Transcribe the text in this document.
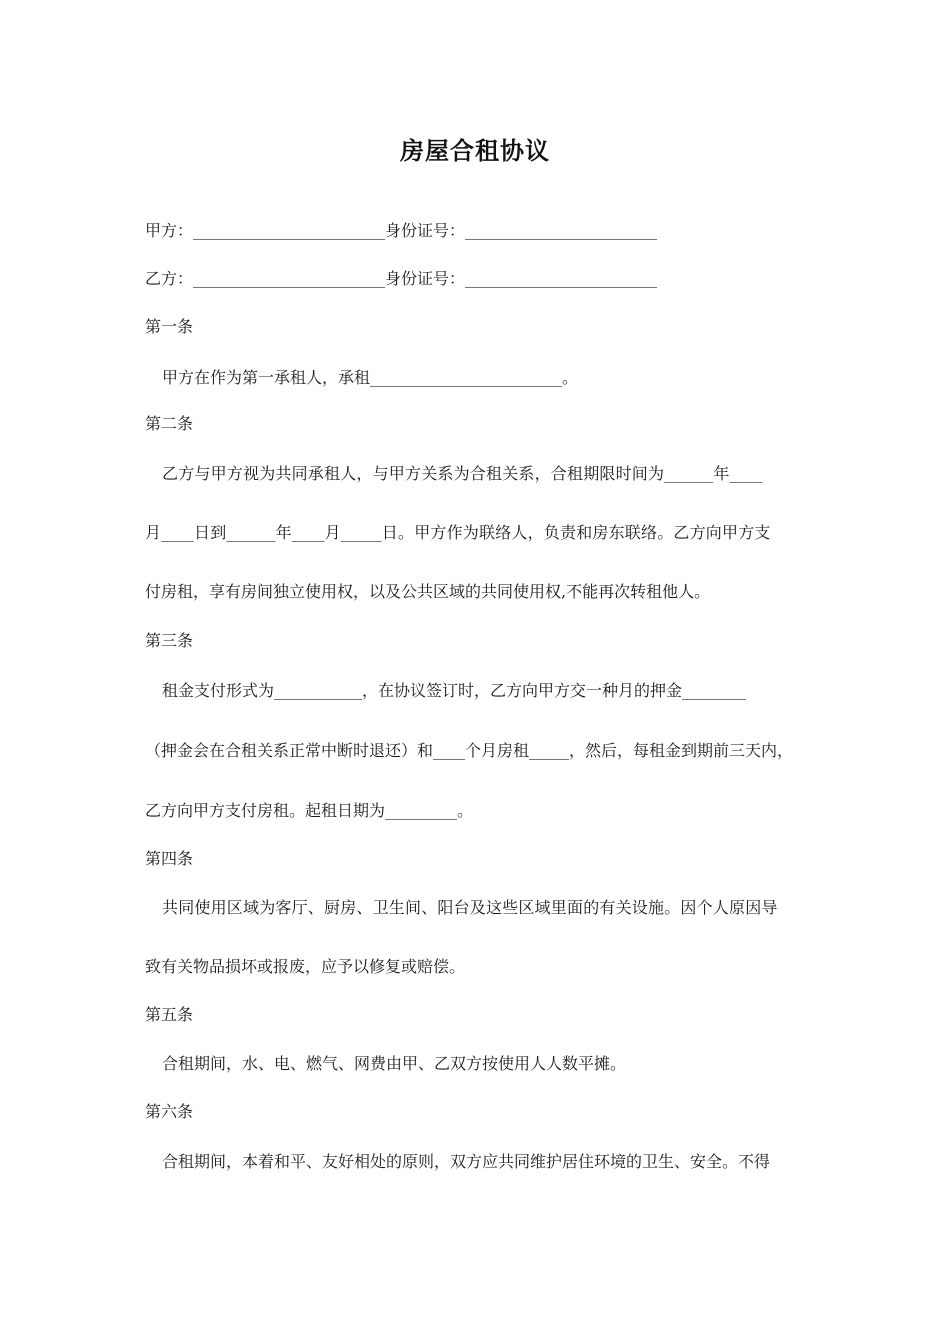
房屋合租协议
甲方：________________________身份证号：________________________
乙方：________________________身份证号：________________________
第一条
甲方在作为第一承租人，承租________________________。
第二条
乙方与甲方视为共同承租人，与甲方关系为合租关系，合租期限时间为______年____
月____日到______年____月_____日。甲方作为联络人，负责和房东联络。乙方向甲方支
付房租，享有房间独立使用权，以及公共区域的共同使用权,不能再次转租他人。
第三条
租金支付形式为___________，在协议签订时，乙方向甲方交一种月的押金________
（押金会在合租关系正常中断时退还）和____个月房租_____，然后，每租金到期前三天内，
乙方向甲方支付房租。起租日期为_________。
第四条
共同使用区域为客厅、厨房、卫生间、阳台及这些区域里面的有关设施。因个人原因导
致有关物品损坏或报废，应予以修复或赔偿。
第五条
合租期间，水、电、燃气、网费由甲、乙双方按使用人人数平摊。
第六条
合租期间，本着和平、友好相处的原则，双方应共同维护居住环境的卫生、安全。不得
